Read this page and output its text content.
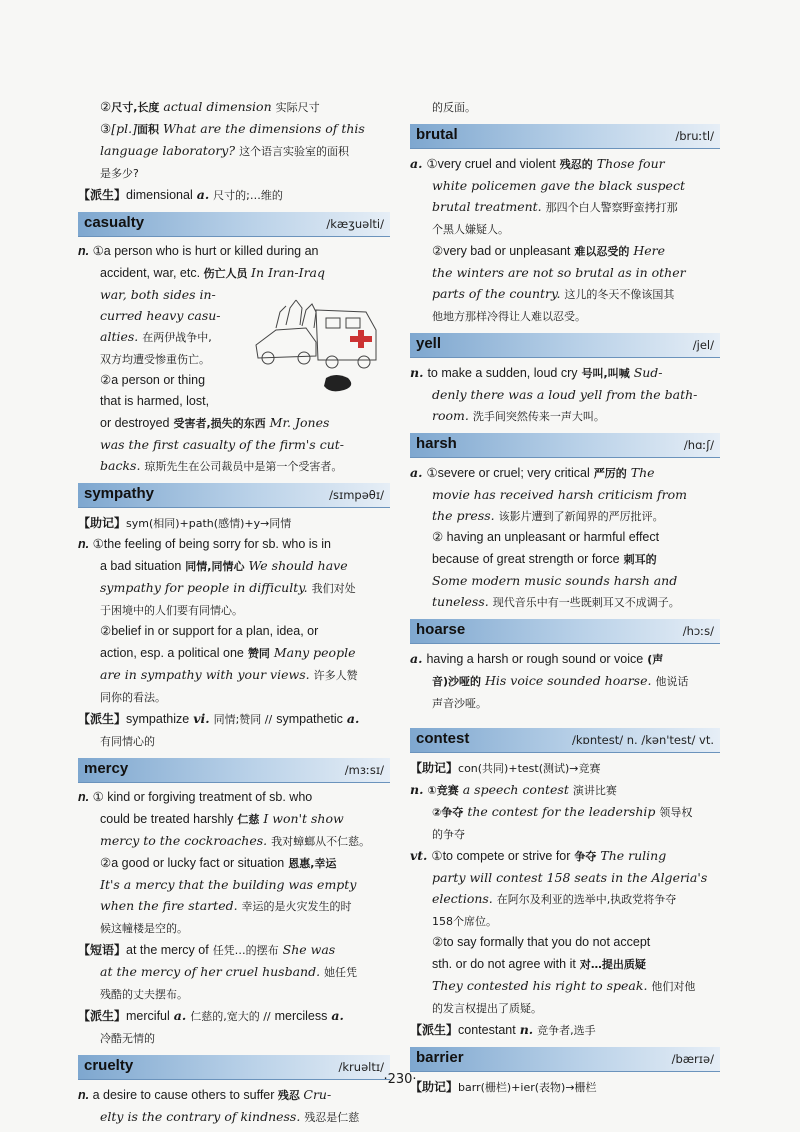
②尺寸,长度 actual dimension 实际尺寸

③[pl.]面积 What are the dimensions of this

language laboratory? 这个语言实验室的面积

是多少?

【派生】dimensional a. 尺寸的;…维的

casualty	/kæʒuəlti/

n. ①a person who is hurt or killed during an

accident, war, etc. 伤亡人员 In Iran-Iraq

war, both sides in-

curred heavy casu-

alties. 在两伊战争中,

双方均遭受惨重伤亡。

②a person or thing

that is harmed, lost,

or destroyed 受害者,损失的东西 Mr. Jones

was the first casualty of the firm's cut-

backs. 琼斯先生在公司裁员中是第一个受害者。

sympathy	/sɪmpəθɪ/

【助记】sym(相同)+path(感情)+y→同情

n. ①the feeling of being sorry for sb. who is in

a bad situation 同情,同情心 We should have

sympathy for people in difficulty. 我们对处

于困境中的人们要有同情心。

②belief in or support for a plan, idea, or

action, esp. a political one 赞同 Many people

are in sympathy with your views. 许多人赞

同你的看法。

【派生】sympathize vi. 同情;赞同 // sympathetic a.

有同情心的

mercy	/mɜːsɪ/

n. ① kind or forgiving treatment of sb. who

could be treated harshly 仁慈 I won't show

mercy to the cockroaches. 我对蟑螂从不仁慈。

②a good or lucky fact or situation 恩惠,幸运

It's a mercy that the building was empty

when the fire started. 幸运的是火灾发生的时

候这幢楼是空的。

【短语】at the mercy of 任凭…的摆布 She was

at the mercy of her cruel husband. 她任凭

残酷的丈夫摆布。

【派生】merciful a. 仁慈的,宽大的 // merciless a.

冷酷无情的

cruelty	/kruəltɪ/

n. a desire to cause others to suffer 残忍 Cru-

elty is the contrary of kindness. 残忍是仁慈

的反面。

brutal	/bruːtl/

a. ①very cruel and violent 残忍的 Those four

white policemen gave the black suspect

brutal treatment. 那四个白人警察野蛮拷打那

个黑人嫌疑人。

②very bad or unpleasant 难以忍受的 Here

the winters are not so brutal as in other

parts of the country. 这儿的冬天不像该国其

他地方那样冷得让人难以忍受。

yell	/jel/

n. to make a sudden, loud cry 号叫,叫喊 Sud-

denly there was a loud yell from the bath-

room. 洗手间突然传来一声大叫。

harsh	/hɑːʃ/

a. ①severe or cruel; very critical 严厉的 The

movie has received harsh criticism from

the press. 该影片遭到了新闻界的严厉批评。

② having an unpleasant or harmful effect

because of great strength or force 刺耳的

Some modern music sounds harsh and

tuneless. 现代音乐中有一些既刺耳又不成调子。

hoarse	/hɔːs/

a. having a harsh or rough sound or voice (声

音)沙哑的 His voice sounded hoarse. 他说话

声音沙哑。

contest	/kɒntest/ n. /kən'test/ vt.

【助记】con(共同)+test(测试)→竞赛

n. ①竞赛 a speech contest 演讲比赛

②争夺 the contest for the leadership 领导权

的争夺

vt. ①to compete or strive for 争夺 The ruling

party will contest 158 seats in the Algeria's

elections. 在阿尔及利亚的选举中,执政党将争夺

158个席位。

②to say formally that you do not accept

sth. or do not agree with it 对…提出质疑

They contested his right to speak. 他们对他

的发言权提出了质疑。

【派生】contestant n. 竞争者,选手

barrier	/bærɪə/

【助记】barr(栅栏)+ier(表物)→栅栏

·230·
